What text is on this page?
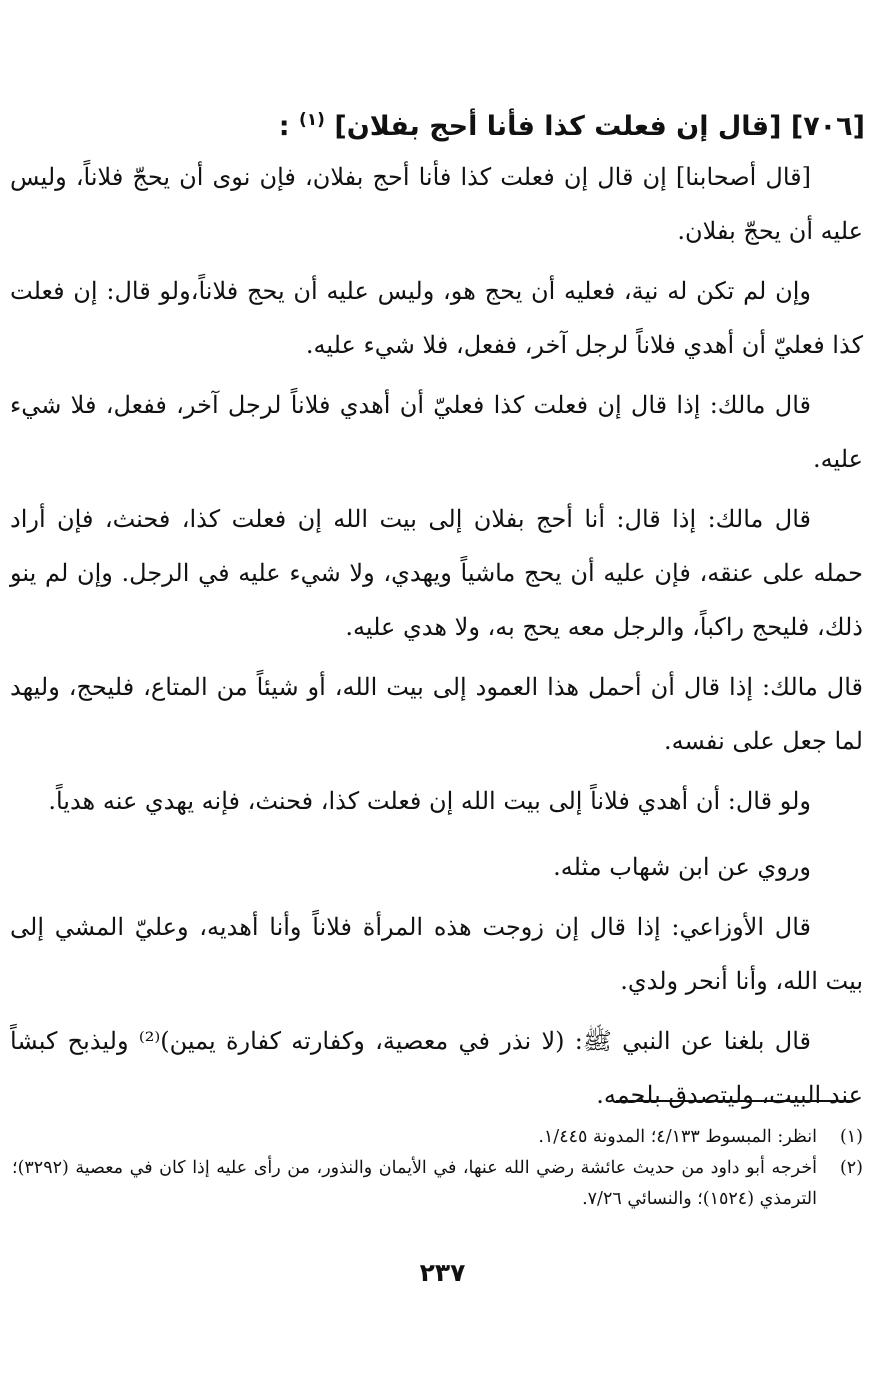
[٧٠٦] [قال إن فعلت كذا فأنا أحج بفلان] $^{(١)}$ :

[قال أصحابنا] إن قال إن فعلت كذا فأنا أحج بفلان، فإن نوى أن يحجّ فلاناً، وليس عليه أن يحجّ بفلان.

وإن لم تكن له نية، فعليه أن يحج هو، وليس عليه أن يحج فلاناً،ولو قال: إن فعلت كذا فعليّ أن أهدي فلاناً لرجل آخر، ففعل، فلا شيء عليه.

قال مالك: إذا قال إن فعلت كذا فعليّ أن أهدي فلاناً لرجل آخر، ففعل، فلا شيء عليه.

قال مالك: إذا قال: أنا أحج بفلان إلى بيت الله إن فعلت كذا، فحنث، فإن أراد حمله على عنقه، فإن عليه أن يحج ماشياً ويهدي، ولا شيء عليه في الرجل. وإن لم ينو ذلك، فليحج راكباً، والرجل معه يحج به، ولا هدي عليه.

قال مالك: إذا قال أن أحمل هذا العمود إلى بيت الله، أو شيئاً من المتاع، فليحج، وليهد لما جعل على نفسه.

ولو قال: أن أهدي فلاناً إلى بيت الله إن فعلت كذا، فحنث، فإنه يهدي عنه هدياً.

وروي عن ابن شهاب مثله.

قال الأوزاعي: إذا قال إن زوجت هذه المرأة فلاناً وأنا أهديه، وعليّ المشي إلى بيت الله، وأنا أنحر ولدي.

قال بلغنا عن النبي ﷺ: (لا نذر في معصية، وكفارته كفارة يمين)⁽²⁾ وليذبح كبشاً عند البيت، وليتصدق بلحمه.

(١)
انظر: المبسوط ٤/١٣٣؛ المدونة ١/٤٤٥.
(٢)
أخرجه أبو داود من حديث عائشة رضي الله عنها، في الأيمان والنذور، من رأى عليه إذا كان في معصية (٣٢٩٢)؛ الترمذي (١٥٢٤)؛ والنسائي ٧/٢٦.
٢٣٧
